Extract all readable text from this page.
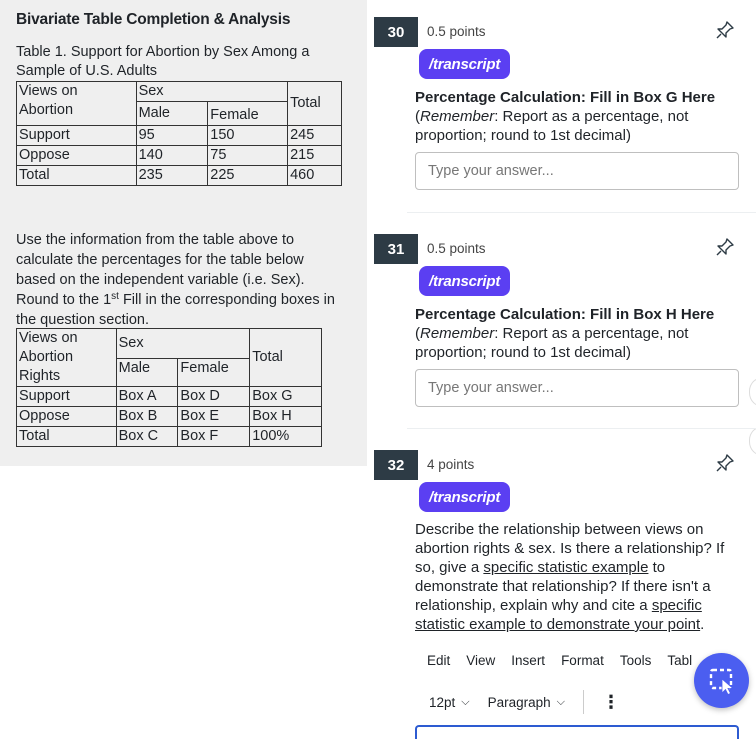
Bivariate Table Completion & Analysis
Table 1. Support for Abortion by Sex Among a Sample of U.S. Adults
Views on
Abortion	Sex		Total
	Male	Female	
Support	95	150	245
Oppose	140	75	215
Total	235	225	460
Use the information from the table above to calculate the percentages for the table below based on the independent variable (i.e. Sex). Round to the 1st Fill in the corresponding boxes in the question section.
Views on
Abortion
Rights	Sex		Total
	Male	Female	
Support	Box A	Box D	Box G
Oppose	Box B	Box E	Box H
Total	Box C	Box F	100%
30	0.5 points
/transcript
Percentage Calculation: Fill in Box G Here (Remember: Report as a percentage, not proportion; round to 1st decimal)
Type your answer...
31	0.5 points
/transcript
Percentage Calculation: Fill in Box H Here (Remember: Report as a percentage, not proportion; round to 1st decimal)
Type your answer...
32	4 points
/transcript
Describe the relationship between views on abortion rights & sex. Is there a relationship? If so, give a specific statistic example to demonstrate that relationship? If there isn't a relationship, explain why and cite a specific statistic example to demonstrate your point.
Edit View Insert Format Tools Tabl
12pt ⌵ Paragraph ⌵ ⋮
